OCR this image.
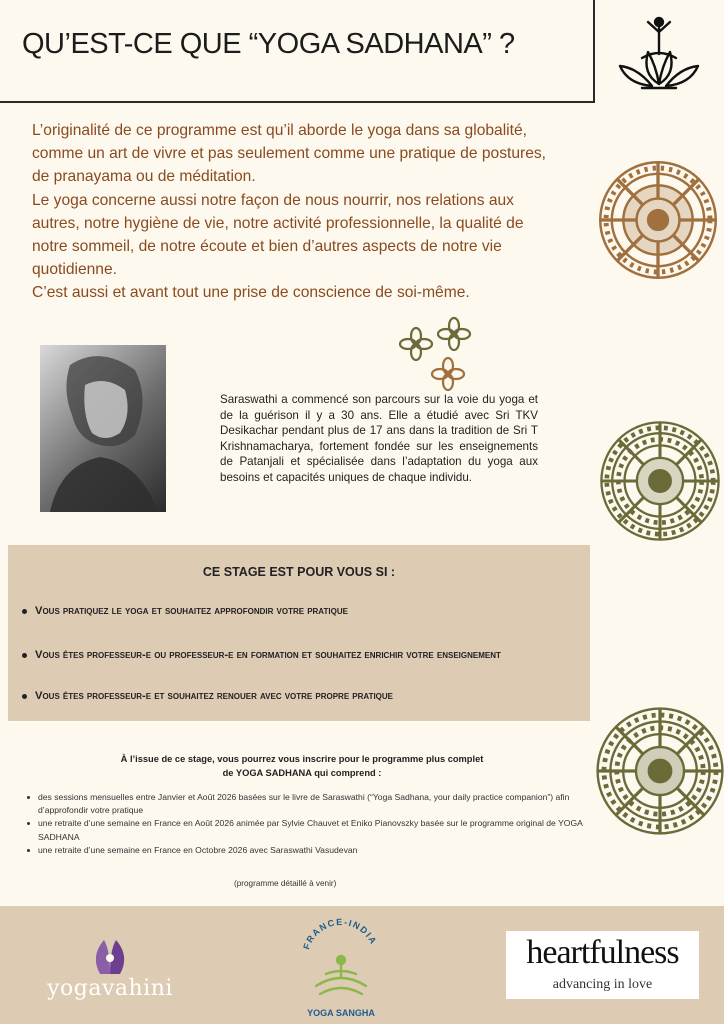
QU’EST-CE QUE “YOGA SADHANA” ?

L’originalité de ce programme est qu’il aborde le yoga dans sa globalité, comme un art de vivre et pas seulement comme une pratique de postures, de pranayama ou de méditation.

Le yoga concerne aussi notre façon de nous nourrir, nos relations aux autres, notre hygiène de vie, notre activité professionnelle, la qualité de notre sommeil, de notre écoute et bien d’autres aspects de notre vie quotidienne.

C’est aussi et avant tout une prise de conscience de soi-même.

Saraswathi a commencé son parcours sur la voie du yoga et de la guérison il y a 30 ans. Elle a étudié avec Sri TKV Desikachar pendant plus de 17 ans dans la tradition de Sri T Krishnamacharya, fortement fondée sur les enseignements de Patanjali et spécialisée dans l’adaptation du yoga aux besoins et capacités uniques de chaque individu.
CE STAGE EST POUR VOUS SI :
Vous pratiquez le yoga et souhaitez approfondir votre pratique
Vous êtes professeur-e ou professeur-e en formation et souhaitez enrichir votre enseignement
Vous êtes professeur-e et souhaitez renouer avec votre propre pratique
À l’issue de ce stage, vous pourrez vous inscrire pour le programme plus complet
de YOGA SADHANA qui comprend :
des sessions mensuelles entre Janvier et Août 2026 basées sur le livre de Saraswathi (“Yoga Sadhana, your daily practice companion”) afin d’approfondir votre pratique
une retraite d’une semaine en France en Août 2026 animée par Sylvie Chauvet et Eniko Pianovszky basée sur le programme original de YOGA SADHANA
une retraite d’une semaine en France en Octobre 2026 avec Saraswathi Vasudevan
(programme détaillé à venir)
yogavahini
FRANCE-INDIA
YOGA SANGHA
heartfulness
advancing in love
